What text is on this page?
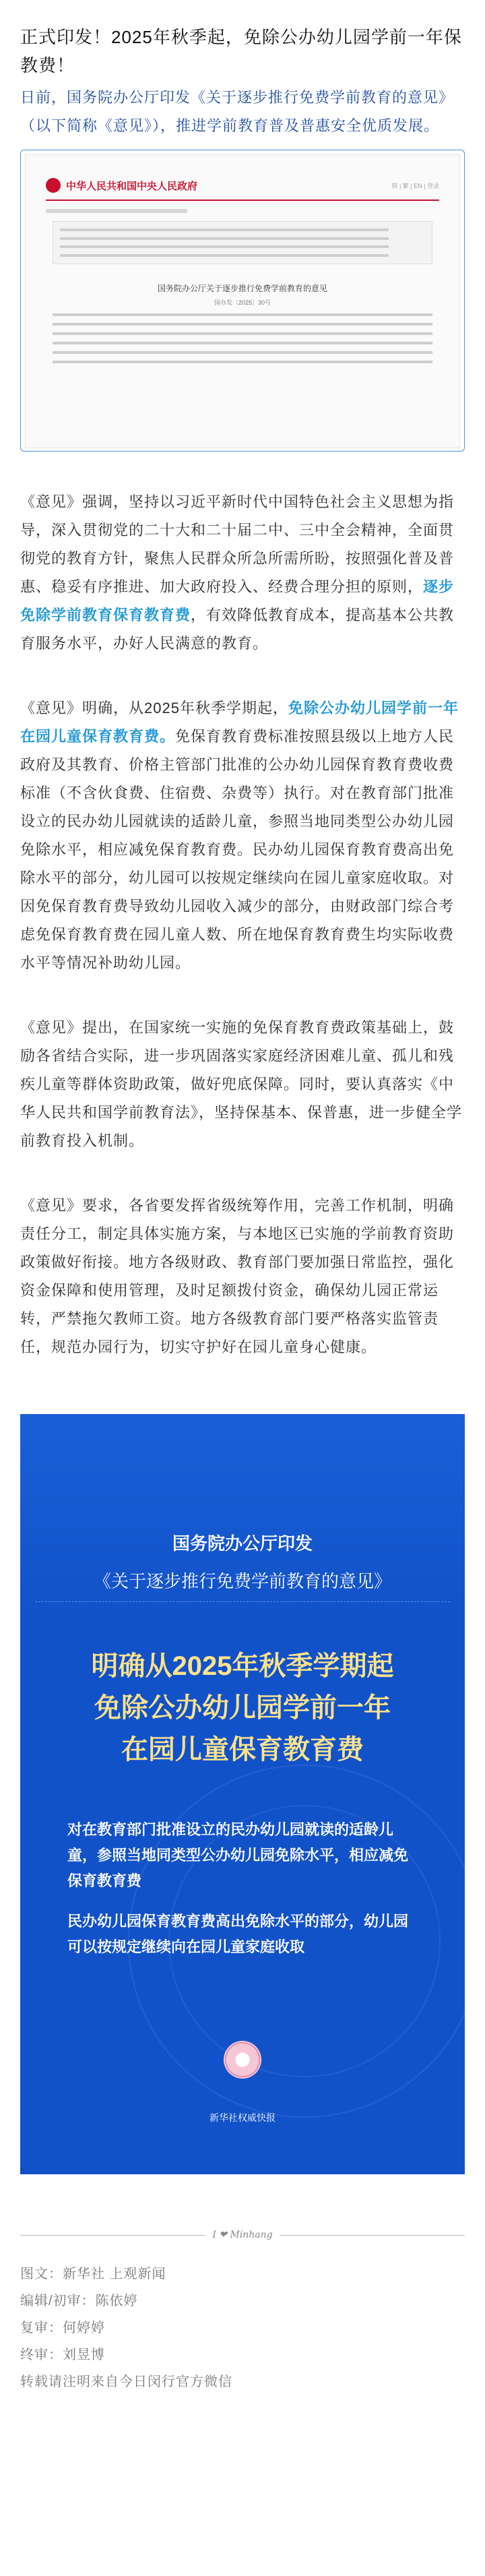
正式印发！2025年秋季起，免除公办幼儿园学前一年保教费！

日前，国务院办公厅印发《关于逐步推行免费学前教育的意见》（以下简称《意见》），推进学前教育普及普惠安全优质发展。

中华人民共和国中央人民政府	简 | 繁 | EN | 登录
国务院办公厅关于逐步推行免费学前教育的意见
国办发〔2025〕30号

《意见》强调，坚持以习近平新时代中国特色社会主义思想为指导，深入贯彻党的二十大和二十届二中、三中全会精神，全面贯彻党的教育方针，聚焦人民群众所急所需所盼，按照强化普及普惠、稳妥有序推进、加大政府投入、经费合理分担的原则，逐步免除学前教育保育教育费，有效降低教育成本，提高基本公共教育服务水平，办好人民满意的教育。

《意见》明确，从2025年秋季学期起，免除公办幼儿园学前一年在园儿童保育教育费。免保育教育费标准按照县级以上地方人民政府及其教育、价格主管部门批准的公办幼儿园保育教育费收费标准（不含伙食费、住宿费、杂费等）执行。对在教育部门批准设立的民办幼儿园就读的适龄儿童，参照当地同类型公办幼儿园免除水平，相应减免保育教育费。民办幼儿园保育教育费高出免除水平的部分，幼儿园可以按规定继续向在园儿童家庭收取。对因免保育教育费导致幼儿园收入减少的部分，由财政部门综合考虑免保育教育费在园儿童人数、所在地保育教育费生均实际收费水平等情况补助幼儿园。

《意见》提出，在国家统一实施的免保育教育费政策基础上，鼓励各省结合实际，进一步巩固落实家庭经济困难儿童、孤儿和残疾儿童等群体资助政策，做好兜底保障。同时，要认真落实《中华人民共和国学前教育法》，坚持保基本、保普惠，进一步健全学前教育投入机制。

《意见》要求，各省要发挥省级统筹作用，完善工作机制，明确责任分工，制定具体实施方案，与本地区已实施的学前教育资助政策做好衔接。地方各级财政、教育部门要加强日常监控，强化资金保障和使用管理，及时足额拨付资金，确保幼儿园正常运转，严禁拖欠教师工资。地方各级教育部门要严格落实监管责任，规范办园行为，切实守护好在园儿童身心健康。

国务院办公厅印发
《关于逐步推行免费学前教育的意见》
明确从2025年秋季学期起
免除公办幼儿园学前一年
在园儿童保育教育费
对在教育部门批准设立的民办幼儿园就读的适龄儿童，参照当地同类型公办幼儿园免除水平，相应减免保育教育费
民办幼儿园保育教育费高出免除水平的部分，幼儿园可以按规定继续向在园儿童家庭收取
新华社权威快报
I ❤ Minhang

图文：新华社 上观新闻

编辑/初审：陈依婷

复审：何婷婷

终审：刘昱博

转载请注明来自今日闵行官方微信
